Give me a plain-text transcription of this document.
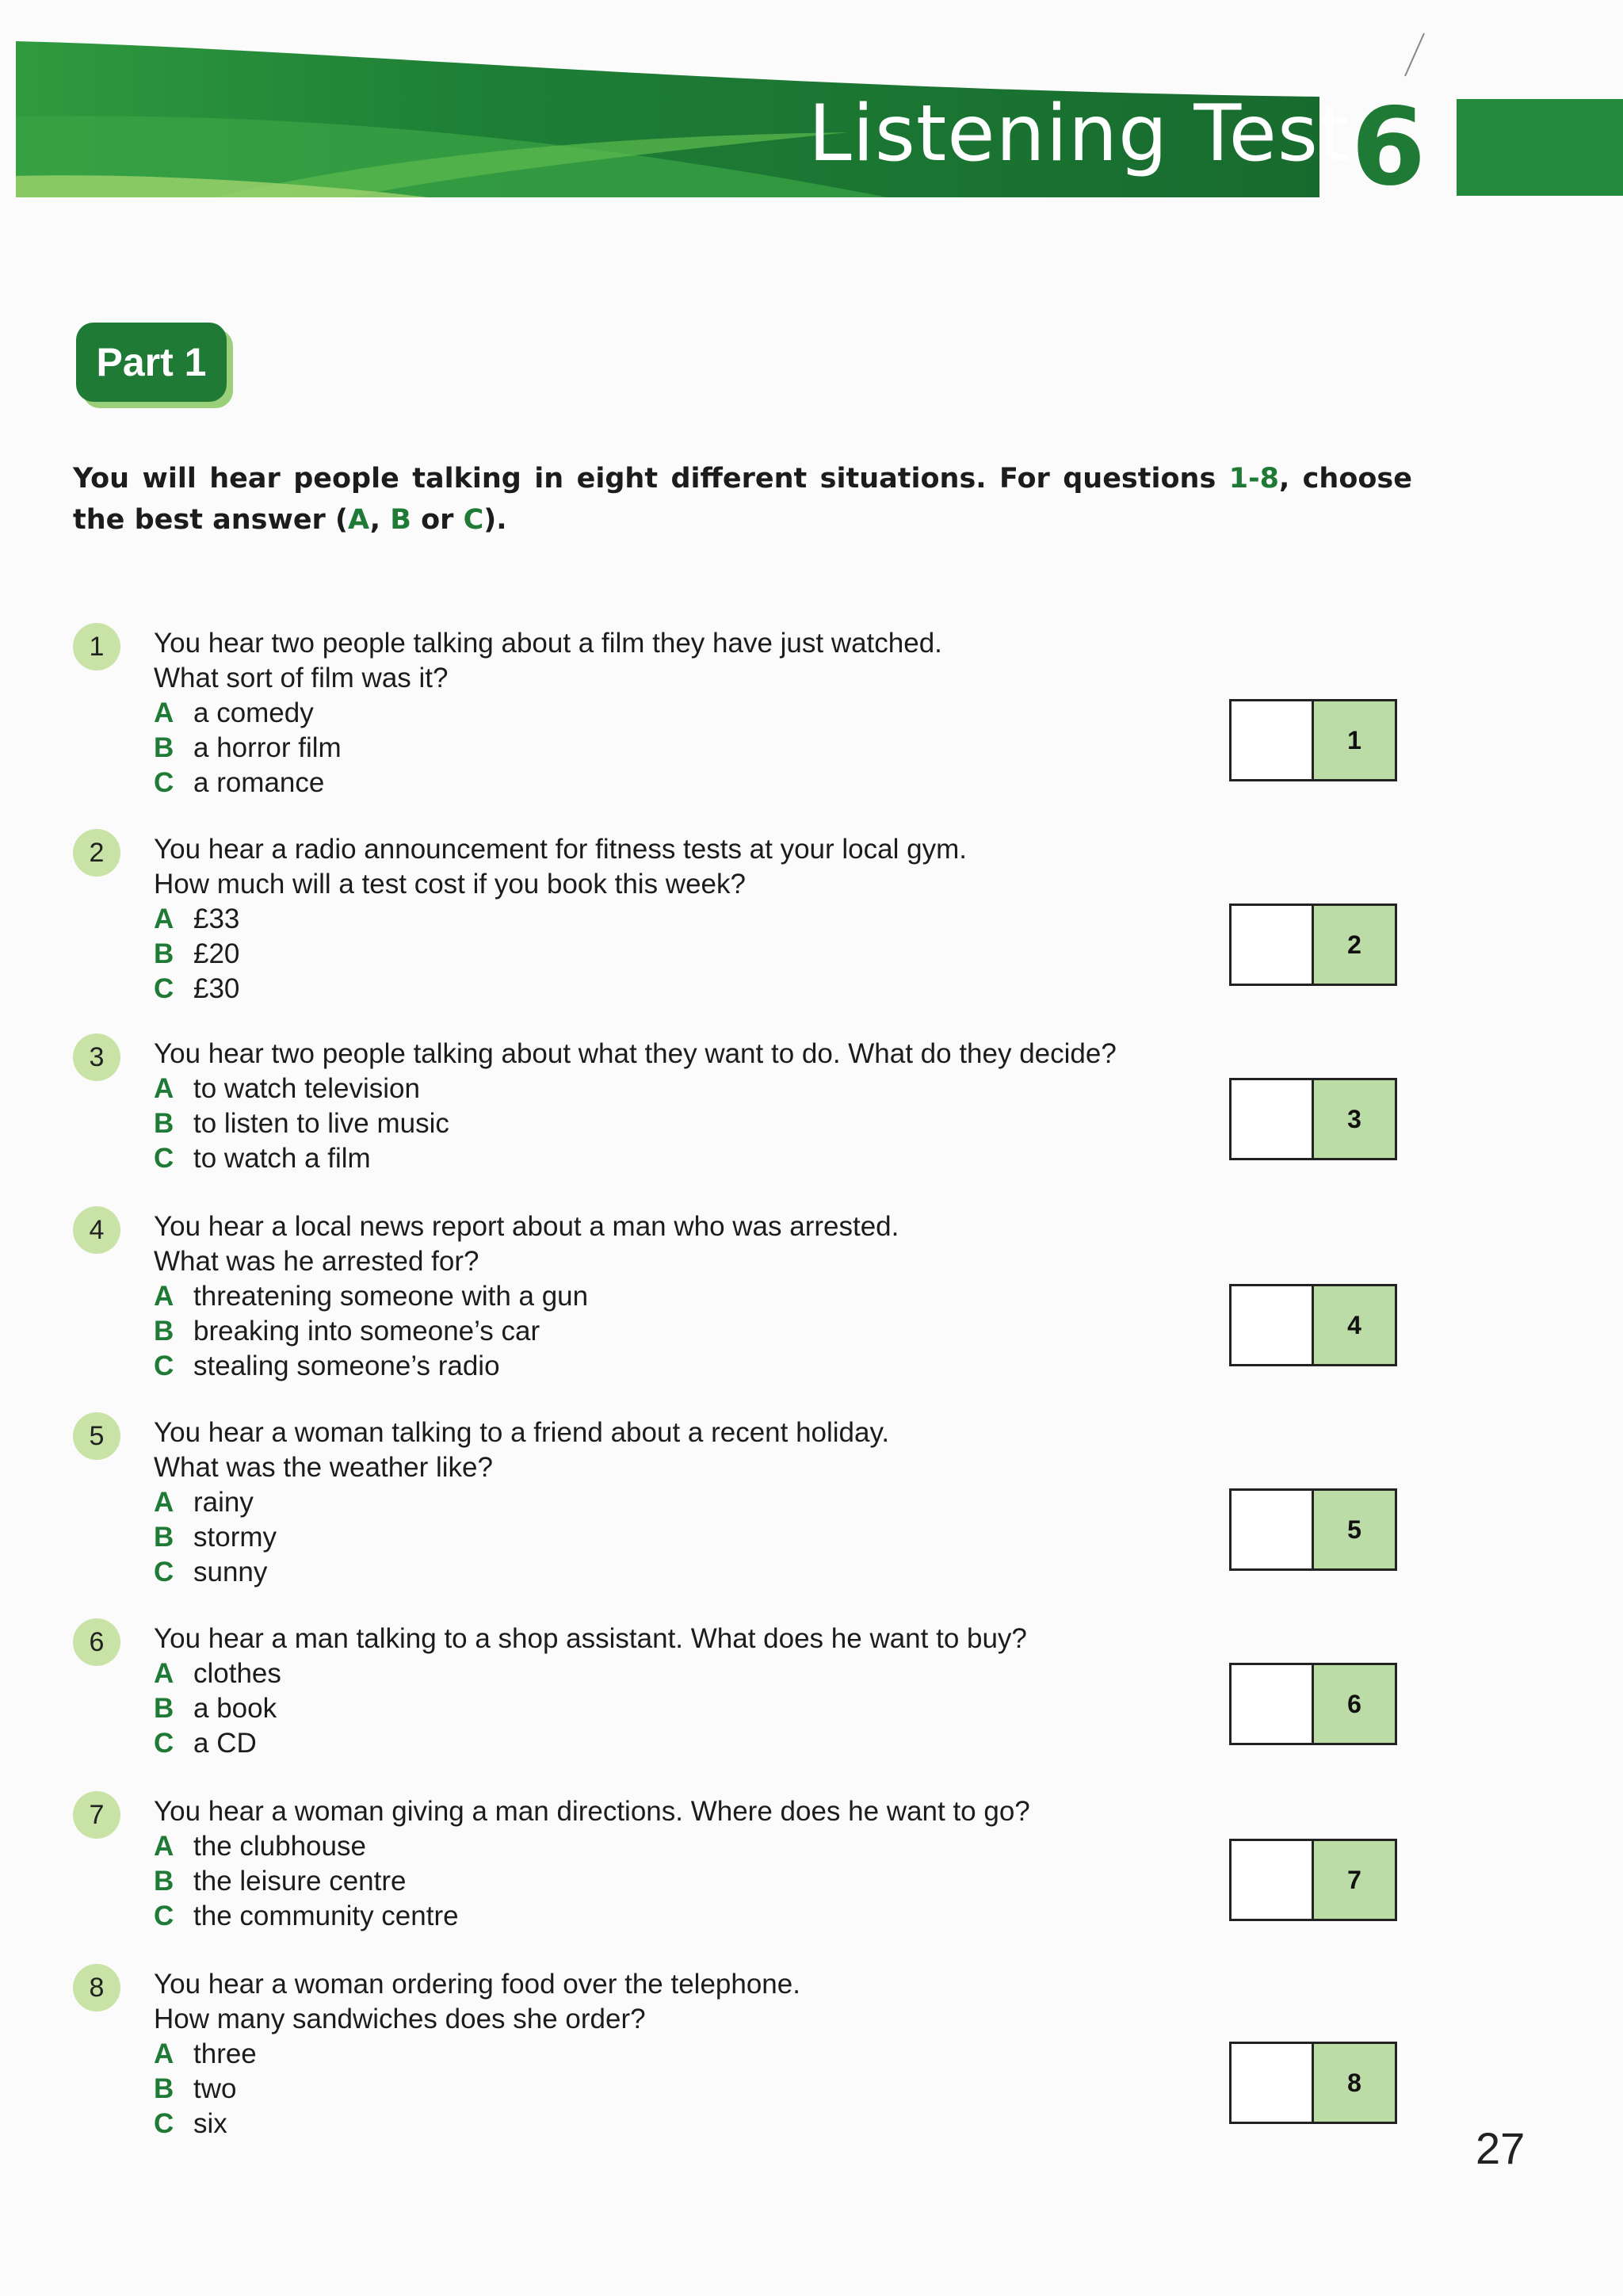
Listening Test 6
Part 1
You will hear people talking in eight different situations. For questions 1-8, choose the best answer (A, B or C).
1	You hear two people talking about a film they have just watched.
What sort of film was it?
A a comedy
B a horror film
C a romance
1
2	You hear a radio announcement for fitness tests at your local gym.
How much will a test cost if you book this week?
A £33
B £20
C £30
2
3	You hear two people talking about what they want to do. What do they decide?
A to watch television
B to listen to live music
C to watch a film
3
4	You hear a local news report about a man who was arrested.
What was he arrested for?
A threatening someone with a gun
B breaking into someone’s car
C stealing someone’s radio
4
5	You hear a woman talking to a friend about a recent holiday.
What was the weather like?
A rainy
B stormy
C sunny
5
6	You hear a man talking to a shop assistant. What does he want to buy?
A clothes
B a book
C a CD
6
7	You hear a woman giving a man directions. Where does he want to go?
A the clubhouse
B the leisure centre
C the community centre
7
8	You hear a woman ordering food over the telephone.
How many sandwiches does she order?
A three
B two
C six
8
27
